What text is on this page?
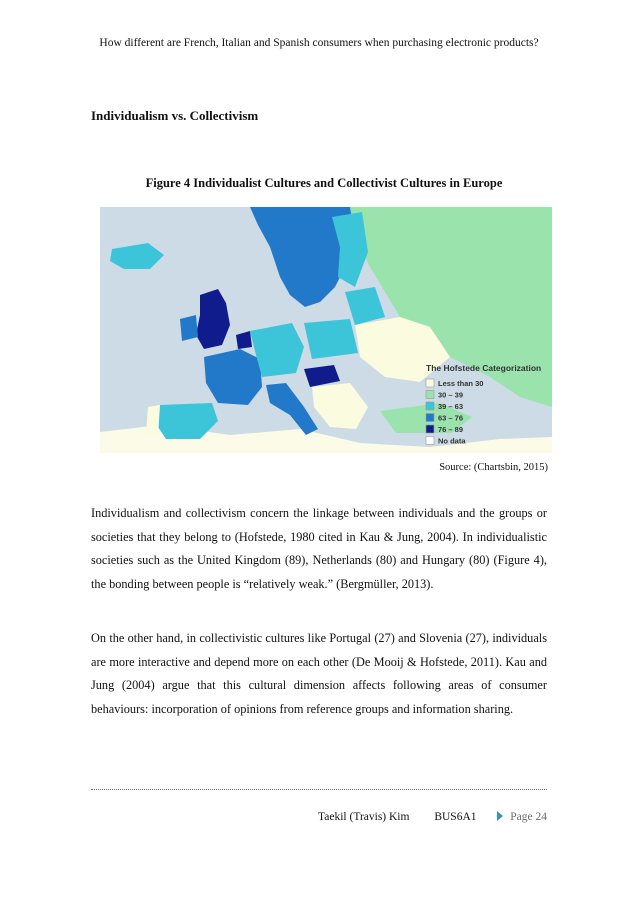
How different are French, Italian and Spanish consumers when purchasing electronic products?
Individualism vs. Collectivism
Figure 4 Individualist Cultures and Collectivist Cultures in Europe
The Hofstede Categorization
Less than 30
30 – 39
39 – 63
63 – 76
76 – 89
No data
Source: (Chartsbin, 2015)
Individualism and collectivism concern the linkage between individuals and the groups or societies that they belong to (Hofstede, 1980 cited in Kau & Jung, 2004). In individualistic societies such as the United Kingdom (89), Netherlands (80) and Hungary (80) (Figure 4), the bonding between people is “relatively weak.” (Bergmüller, 2013).
On the other hand, in collectivistic cultures like Portugal (27) and Slovenia (27), individuals are more interactive and depend more on each other (De Mooij & Hofstede, 2011). Kau and Jung (2004) argue that this cultural dimension affects following areas of consumer behaviours: incorporation of opinions from reference groups and information sharing.
Taekil (Travis) Kim BUS6A1	Page 24
